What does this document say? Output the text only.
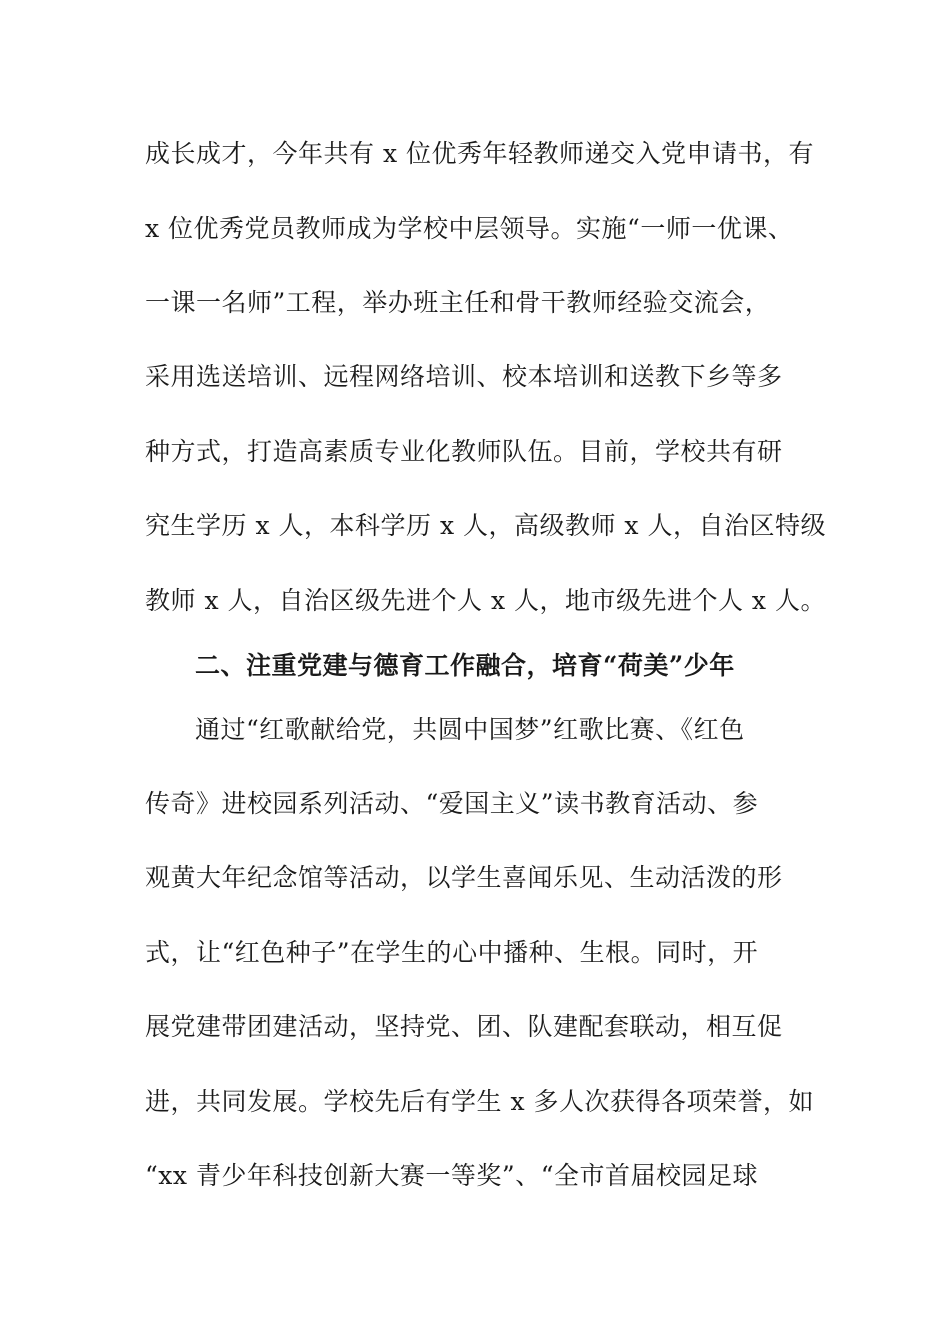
成长成才，今年共有 x 位优秀年轻教师递交入党申请书，有
x 位优秀党员教师成为学校中层领导。实施“一师一优课、
一课一名师”工程，举办班主任和骨干教师经验交流会，
采用选送培训、远程网络培训、校本培训和送教下乡等多
种方式，打造高素质专业化教师队伍。目前，学校共有研
究生学历 x 人，本科学历 x 人，高级教师 x 人，自治区特级
教师 x 人，自治区级先进个人 x 人，地市级先进个人 x 人。
二、注重党建与德育工作融合，培育“荷美”少年
通过“红歌献给党，共圆中国梦”红歌比赛、《红色
传奇》进校园系列活动、“爱国主义”读书教育活动、参
观黄大年纪念馆等活动，以学生喜闻乐见、生动活泼的形
式，让“红色种子”在学生的心中播种、生根。同时，开
展党建带团建活动，坚持党、团、队建配套联动，相互促
进，共同发展。学校先后有学生 x 多人次获得各项荣誉，如
“xx 青少年科技创新大赛一等奖”、“全市首届校园足球
